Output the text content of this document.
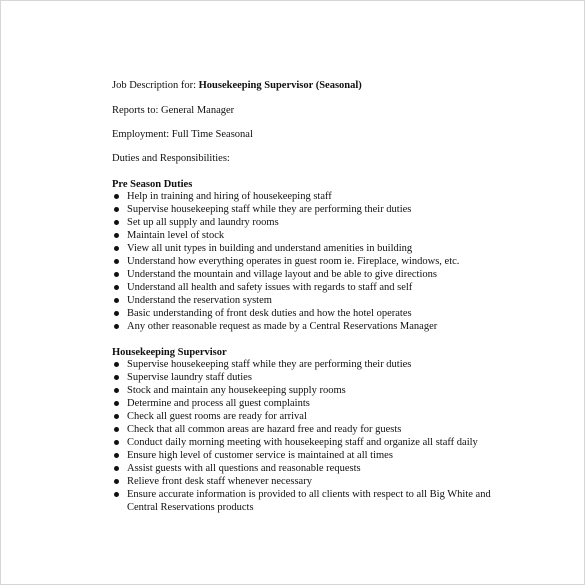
Job Description for: Housekeeping Supervisor (Seasonal)
Reports to: General Manager
Employment: Full Time Seasonal
Duties and Responsibilities:
Pre Season Duties
Help in training and hiring of housekeeping staff
Supervise housekeeping staff while they are performing their duties
Set up all supply and laundry rooms
Maintain level of stock
View all unit types in building and understand amenities in building
Understand how everything operates in guest room ie. Fireplace, windows, etc.
Understand the mountain and village layout and be able to give directions
Understand all health and safety issues with regards to staff and self
Understand the reservation system
Basic understanding of front desk duties and how the hotel operates
Any other reasonable request as made by a Central Reservations Manager
Housekeeping Supervisor
Supervise housekeeping staff while they are performing their duties
Supervise laundry staff duties
Stock and maintain any housekeeping supply rooms
Determine and process all guest complaints
Check all guest rooms are ready for arrival
Check that all common areas are hazard free and ready for guests
Conduct daily morning meeting with housekeeping staff and organize all staff daily
Ensure high level of customer service is maintained at all times
Assist guests with all questions and reasonable requests
Relieve front desk staff whenever necessary
Ensure accurate information is provided to all clients with respect to all Big White and Central Reservations products
